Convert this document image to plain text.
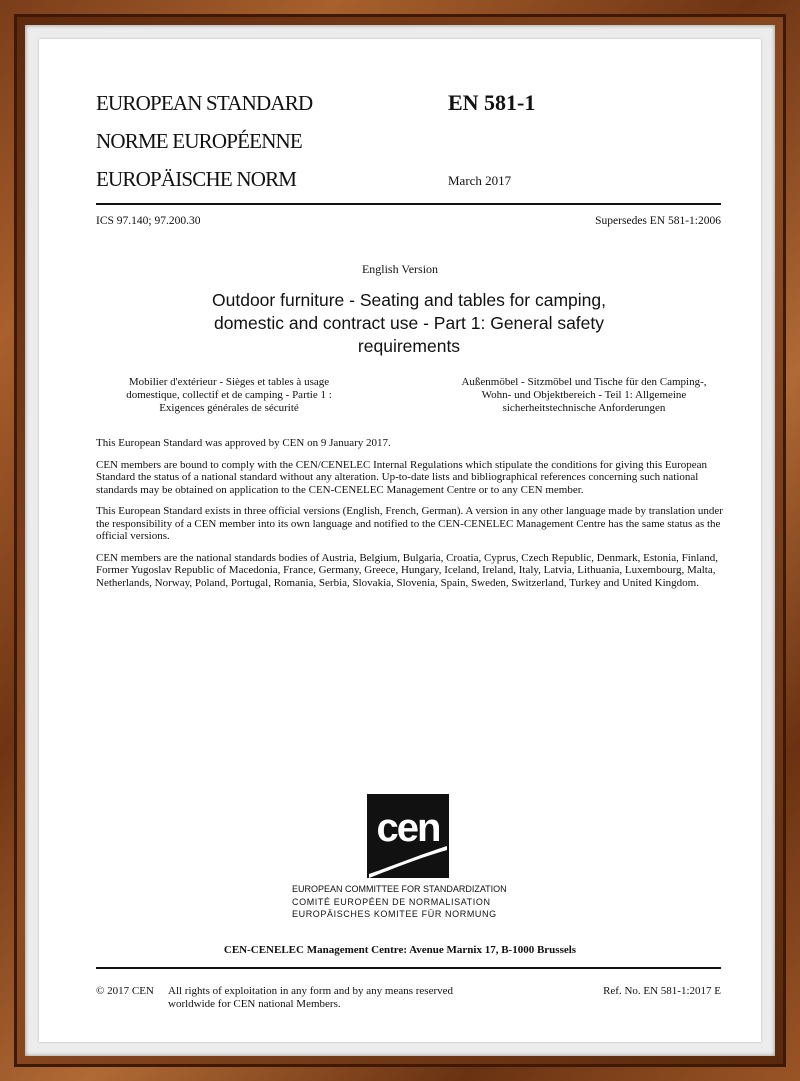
EUROPEAN STANDARD
NORME EUROPÉENNE
EUROPÄISCHE NORM
EN 581-1
March 2017
ICS 97.140; 97.200.30	Supersedes EN 581-1:2006
English Version
Outdoor furniture - Seating and tables for camping,
domestic and contract use - Part 1: General safety
requirements
Mobilier d'extérieur - Sièges et tables à usage
domestique, collectif et de camping - Partie 1 :
Exigences générales de sécurité
Außenmöbel - Sitzmöbel und Tische für den Camping-,
Wohn- und Objektbereich - Teil 1: Allgemeine
sicherheitstechnische Anforderungen

This European Standard was approved by CEN on 9 January 2017.

CEN members are bound to comply with the CEN/CENELEC Internal Regulations which stipulate the conditions for giving this European Standard the status of a national standard without any alteration. Up-to-date lists and bibliographical references concerning such national standards may be obtained on application to the CEN-CENELEC Management Centre or to any CEN member.

This European Standard exists in three official versions (English, French, German). A version in any other language made by translation under the responsibility of a CEN member into its own language and notified to the CEN-CENELEC Management Centre has the same status as the official versions.

CEN members are the national standards bodies of Austria, Belgium, Bulgaria, Croatia, Cyprus, Czech Republic, Denmark, Estonia, Finland, Former Yugoslav Republic of Macedonia, France, Germany, Greece, Hungary, Iceland, Ireland, Italy, Latvia, Lithuania, Luxembourg, Malta, Netherlands, Norway, Poland, Portugal, Romania, Serbia, Slovakia, Slovenia, Spain, Sweden, Switzerland, Turkey and United Kingdom.

cen
EUROPEAN COMMITTEE FOR STANDARDIZATION
COMITÉ EUROPÉEN DE NORMALISATION
EUROPÄISCHES KOMITEE FÜR NORMUNG
CEN-CENELEC Management Centre: Avenue Marnix 17, B-1000 Brussels
© 2017 CEN All rights of exploitation in any form and by any means reserved
worldwide for CEN national Members.
Ref. No. EN 581-1:2017 E
